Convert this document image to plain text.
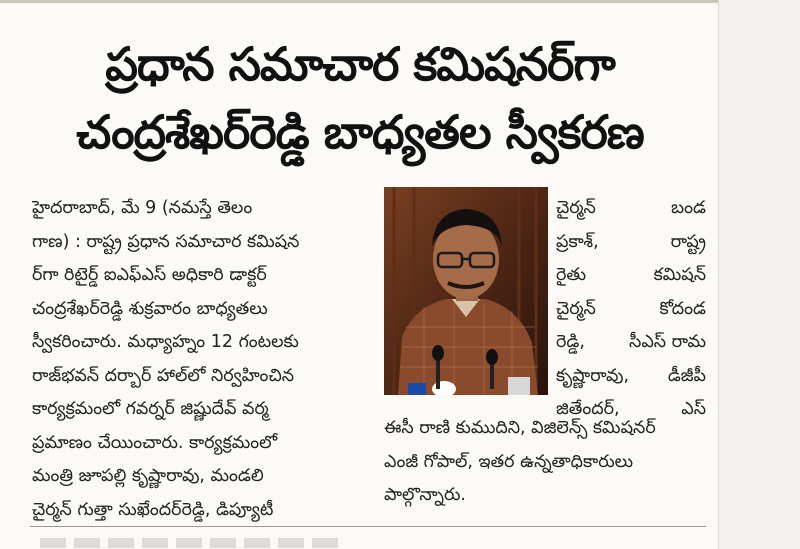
ప్రధాన సమాచార కమిషనర్‌గా
చంద్రశేఖర్‌రెడ్డి బాధ్యతల స్వీకరణ
హైదరాబాద్, మే 9 (నమస్తే తెలం
గాణ) : రాష్ట్ర ప్రధాన సమాచార కమిషన
ర్‌గా రిటైర్డ్ ఐఎఫ్‌ఎస్ అధికారి డాక్టర్
చంద్రశేఖర్‌రెడ్డి శుక్రవారం బాధ్యతలు
స్వీకరించారు. మధ్యాహ్నం 12 గంటలకు
రాజ్‌భవన్ దర్బార్ హాల్‌లో నిర్వహించిన
కార్యక్రమంలో గవర్నర్ జిష్ణుదేవ్ వర్మ
ప్రమాణం చేయించారు. కార్యక్రమంలో
మంత్రి జూపల్లి కృష్ణారావు, మండలి
చైర్మన్ గుత్తా సుఖేందర్‌రెడ్డి, డిప్యూటీ
చైర్మన్	బండ
ప్రకాశ్,	రాష్ట్ర
రైతు	కమిషన్
చైర్మన్	కోదండ
రెడ్డి,	సీఎస్ రామ
కృష్ణారావు, డీజీపీ
జితేందర్,	ఎస్
ఈసీ రాణి కుముదిని, విజిలెన్స్ కమిషనర్
ఎంజీ గోపాల్, ఇతర ఉన్నతాధికారులు
పాల్గొన్నారు.
